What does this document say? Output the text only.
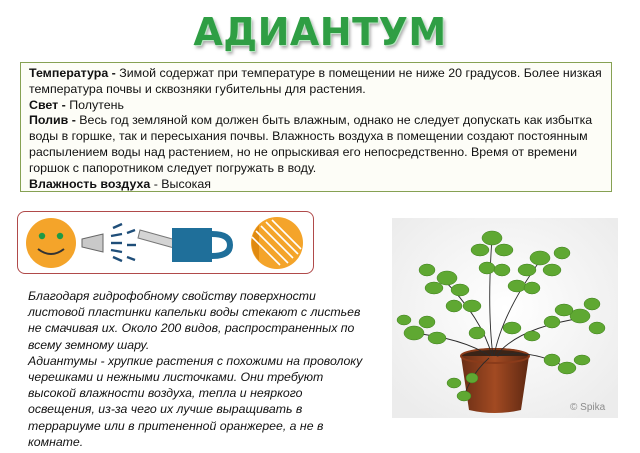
АДИАНТУМ

Температура - Зимой содержат при температуре в помещении не ниже 20 градусов. Более низкая температура почвы и сквозняки губительны для растения.

Свет - Полутень

Полив - Весь год земляной ком должен быть влажным, однако не следует допускать как избытка воды в горшке, так и пересыхания почвы. Влажность воздуха в помещении создают постоянным распылением воды над растением, но не опрыскивая его непосредственно. Время от времени горшок с папоротником следует погружать в воду.

Влажность воздуха - Высокая

Благодаря гидрофобному свойству поверхности

листовой пластинки капельки воды стекают с листьев

не смачивая их. Около 200 видов, распространенных по

всему земному шару.

Адиантумы - хрупкие растения с похожими на проволоку

черешками и нежными листочками. Они требуют

высокой влажности воздуха, тепла и неяркого

освещения, из-за чего их лучше выращивать в

террариуме или в притененной оранжерее, а не в

комнате.

© Spika
